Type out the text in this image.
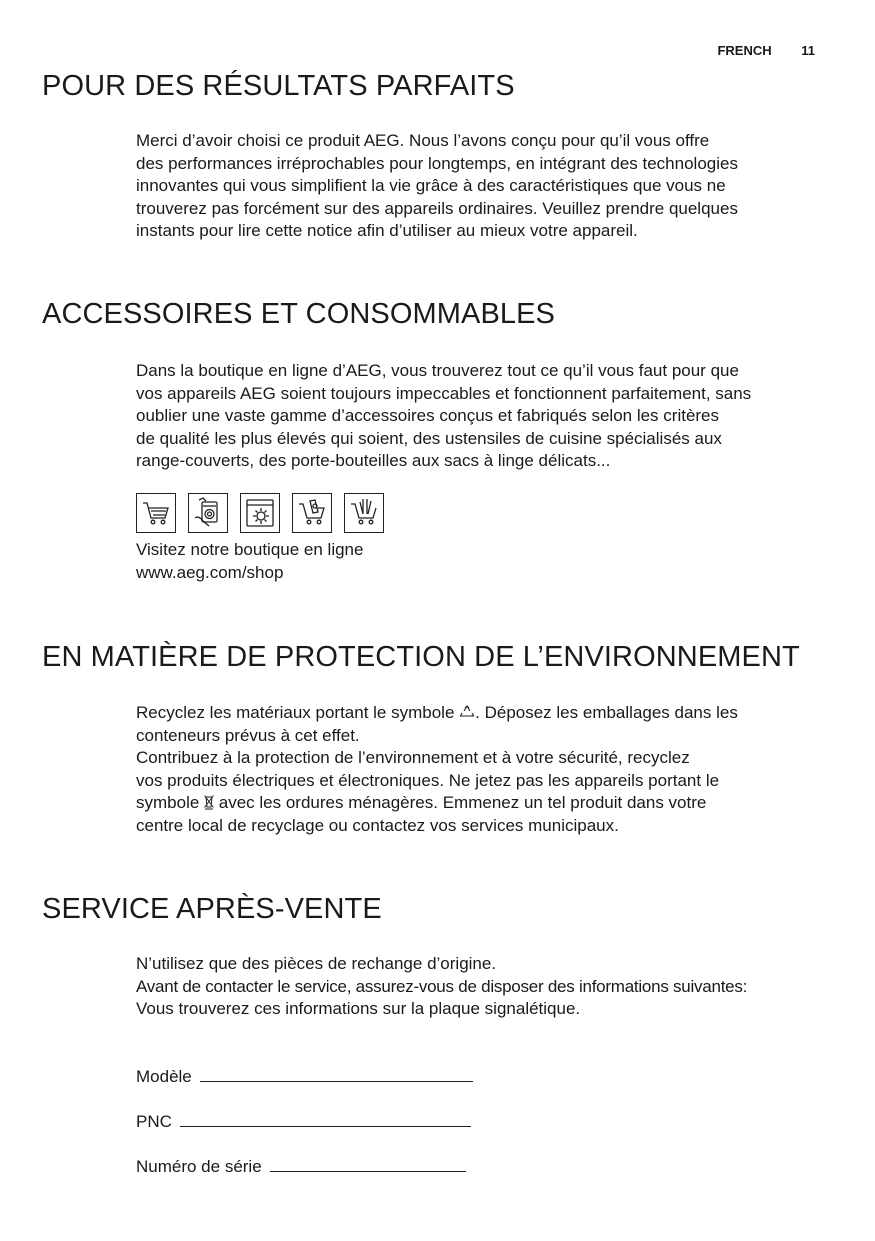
FRENCH 11
POUR DES RÉSULTATS PARFAITS
Merci d’avoir choisi ce produit AEG. Nous l’avons conçu pour qu’il vous offre
des performances irréprochables pour longtemps, en intégrant des technologies
innovantes qui vous simplifient la vie grâce à des caractéristiques que vous ne
trouverez pas forcément sur des appareils ordinaires. Veuillez prendre quelques
instants pour lire cette notice afin d’utiliser au mieux votre appareil.
ACCESSOIRES ET CONSOMMABLES
Dans la boutique en ligne d’AEG, vous trouverez tout ce qu’il vous faut pour que
vos appareils AEG soient toujours impeccables et fonctionnent parfaitement, sans
oublier une vaste gamme d’accessoires conçus et fabriqués selon les critères
de qualité les plus élevés qui soient, des ustensiles de cuisine spécialisés aux
range-couverts, des porte-bouteilles aux sacs à linge délicats...
Visitez notre boutique en ligne
www.aeg.com/shop
EN MATIÈRE DE PROTECTION DE L’ENVIRONNEMENT
Recyclez les matériaux portant le symbole . Déposez les emballages dans les
conteneurs prévus à cet effet.
Contribuez à la protection de l’environnement et à votre sécurité, recyclez
vos produits électriques et électroniques. Ne jetez pas les appareils portant le
symbole  avec les ordures ménagères. Emmenez un tel produit dans votre
centre local de recyclage ou contactez vos services municipaux.
SERVICE APRÈS-VENTE
N’utilisez que des pièces de rechange d’origine.
Avant de contacter le service, assurez-vous de disposer des informations suivantes:
Vous trouverez ces informations sur la plaque signalétique.
Modèle
PNC
Numéro de série
